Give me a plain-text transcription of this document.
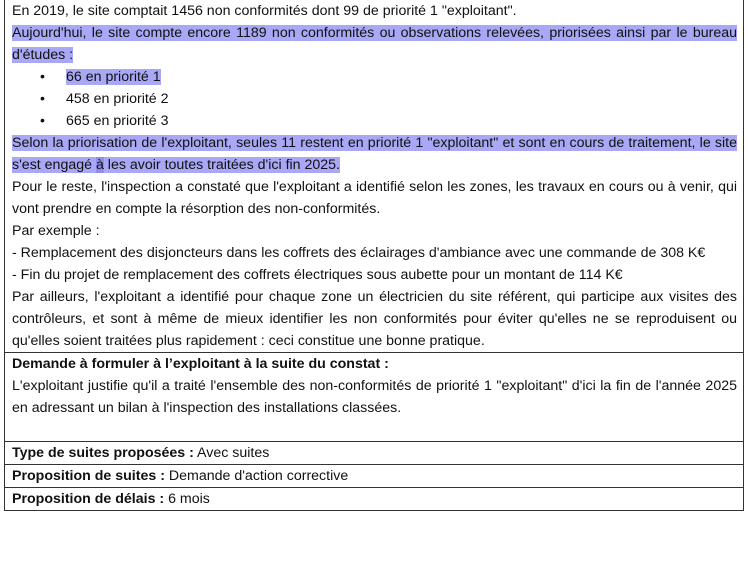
En 2019, le site comptait 1456 non conformités dont 99 de priorité 1 "exploitant".

Aujourd'hui, le site compte encore 1189 non conformités ou observations relevées, priorisées ainsi par le bureau d'études :

• 66 en priorité 1
• 458 en priorité 2
• 665 en priorité 3

Selon la priorisation de l'exploitant, seules 11 restent en priorité 1 "exploitant" et sont en cours de traitement, le site s'est engagé à les avoir toutes traitées d'ici fin 2025.

Pour le reste, l'inspection a constaté que l'exploitant a identifié selon les zones, les travaux en cours ou à venir, qui vont prendre en compte la résorption des non-conformités.

Par exemple :

- Remplacement des disjoncteurs dans les coffrets des éclairages d'ambiance avec une commande de 308 K€

- Fin du projet de remplacement des coffrets électriques sous aubette pour un montant de 114 K€

Par ailleurs, l'exploitant a identifié pour chaque zone un électricien du site référent, qui participe aux visites des contrôleurs, et sont à même de mieux identifier les non conformités pour éviter qu'elles ne se reproduisent ou qu'elles soient traitées plus rapidement : ceci constitue une bonne pratique.

Demande à formuler à l’exploitant à la suite du constat :

L'exploitant justifie qu'il a traité l'ensemble des non-conformités de priorité 1 "exploitant" d'ici la fin de l'année 2025 en adressant un bilan à l'inspection des installations classées.

Type de suites proposées : Avec suites

Proposition de suites : Demande d'action corrective

Proposition de délais : 6 mois
